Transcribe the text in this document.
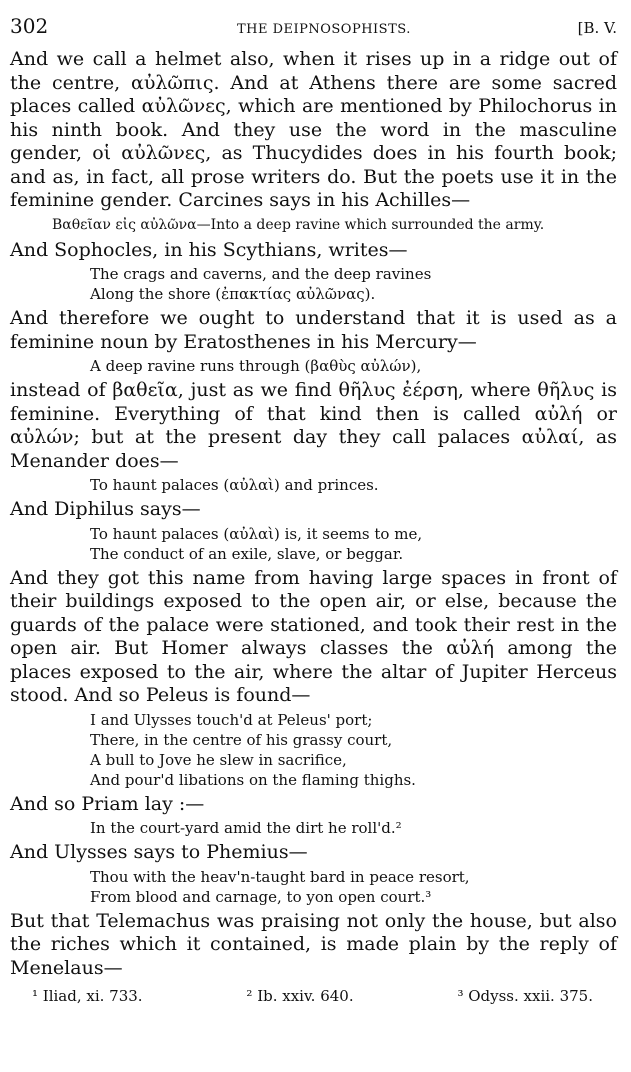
302	THE DEIPNOSOPHISTS.	[B. V.

And we call a helmet also, when it rises up in a ridge out of the centre, αὐλῶπις. And at Athens there are some sacred places called αὐλῶνες, which are mentioned by Philochorus in his ninth book. And they use the word in the masculine gender, οἱ αὐλῶνες, as Thucydides does in his fourth book; and as, in fact, all prose writers do. But the poets use it in the feminine gender. Carcines says in his Achilles—

Βαθεῖαν εἰς αὐλῶνα—Into a deep ravine which surrounded the army.

And Sophocles, in his Scythians, writes—

The crags and caverns, and the deep ravines
Along the shore (ἐπακτίας αὐλῶνας).

And therefore we ought to understand that it is used as a feminine noun by Eratosthenes in his Mercury—

A deep ravine runs through (βαθὺς αὐλών),

instead of βαθεῖα, just as we find θῆλυς ἐέρση, where θῆλυς is feminine. Everything of that kind then is called αὐλή or αὐλών; but at the present day they call palaces αὐλαί, as Menander does—

To haunt palaces (αὐλαὶ) and princes.

And Diphilus says—

To haunt palaces (αὐλαὶ) is, it seems to me,
The conduct of an exile, slave, or beggar.

And they got this name from having large spaces in front of their buildings exposed to the open air, or else, because the guards of the palace were stationed, and took their rest in the open air. But Homer always classes the αὐλή among the places exposed to the air, where the altar of Jupiter Herceus stood. And so Peleus is found—

I and Ulysses touch'd at Peleus' port;
There, in the centre of his grassy court,
A bull to Jove he slew in sacrifice,
And pour'd libations on the flaming thighs.

And so Priam lay :—

In the court-yard amid the dirt he roll'd.²

And Ulysses says to Phemius—

Thou with the heav'n-taught bard in peace resort,
From blood and carnage, to yon open court.³

But that Telemachus was praising not only the house, but also the riches which it contained, is made plain by the reply of Menelaus—

¹ Iliad, xi. 733.	² Ib. xxiv. 640.	³ Odyss. xxii. 375.
